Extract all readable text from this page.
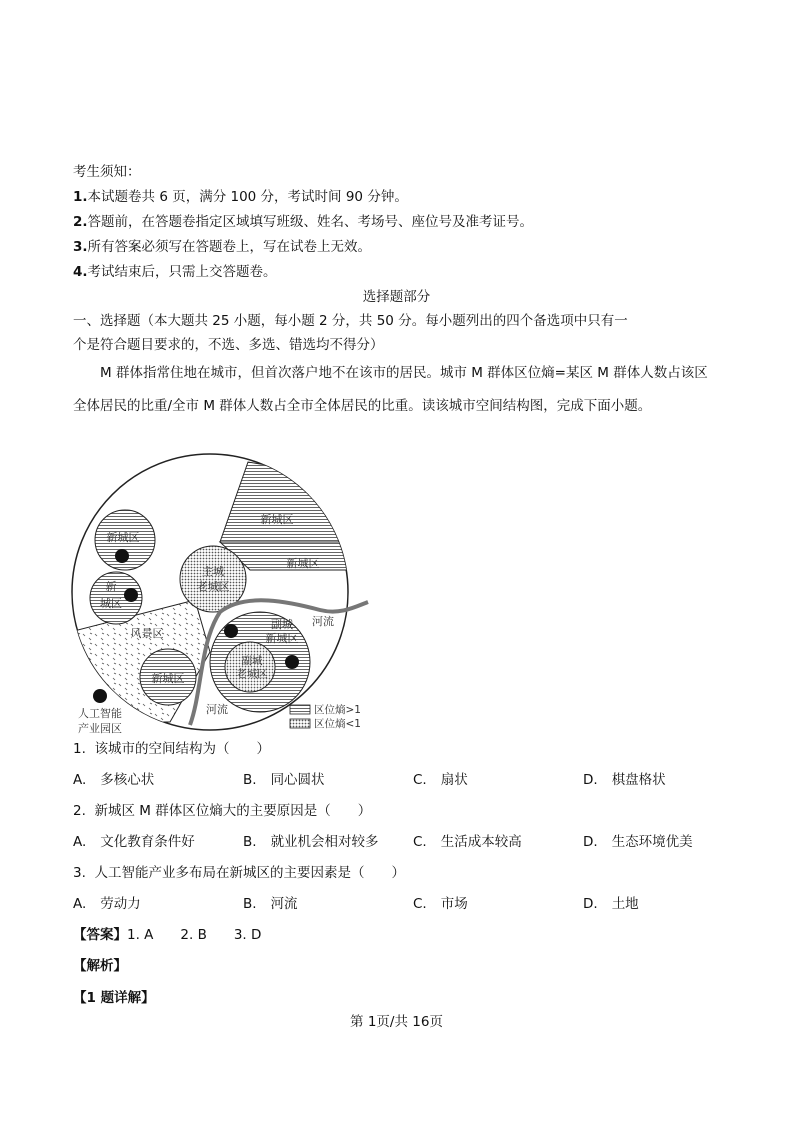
考生须知：
1.本试题卷共 6 页，满分 100 分，考试时间 90 分钟。
2.答题前，在答题卷指定区域填写班级、姓名、考场号、座位号及准考证号。
3.所有答案必须写在答题卷上，写在试卷上无效。
4.考试结束后，只需上交答题卷。
选择题部分
一、选择题（本大题共 25 小题，每小题 2 分，共 50 分。每小题列出的四个备选项中只有一
个是符合题目要求的，不选、多选、错选均不得分）
M 群体指常住地在城市，但首次落户地不在该市的居民。城市 M 群体区位熵=某区 M 群体人数占该区
全体居民的比重/全市 M 群体人数占全市全体居民的比重。读该城市空间结构图，完成下面小题。
新城区
新城区
新城区
新
城区
主城
老城区
风景区
河流
副城
新城区
副城
老城区
新城区
河流
人工智能
产业园区
区位熵>1
区位熵<1
1. 该城市的空间结构为（　　）
A. 多核心状	B. 同心圆状	C. 扇状	D. 棋盘格状
2. 新城区 M 群体区位熵大的主要原因是（　　）
A. 文化教育条件好	B. 就业机会相对较多	C. 生活成本较高	D. 生态环境优美
3. 人工智能产业多布局在新城区的主要因素是（　　）
A. 劳动力	B. 河流	C. 市场	D. 土地
【答案】1. A　　2. B　　3. D
【解析】
【1 题详解】
第 1页/共 16页
